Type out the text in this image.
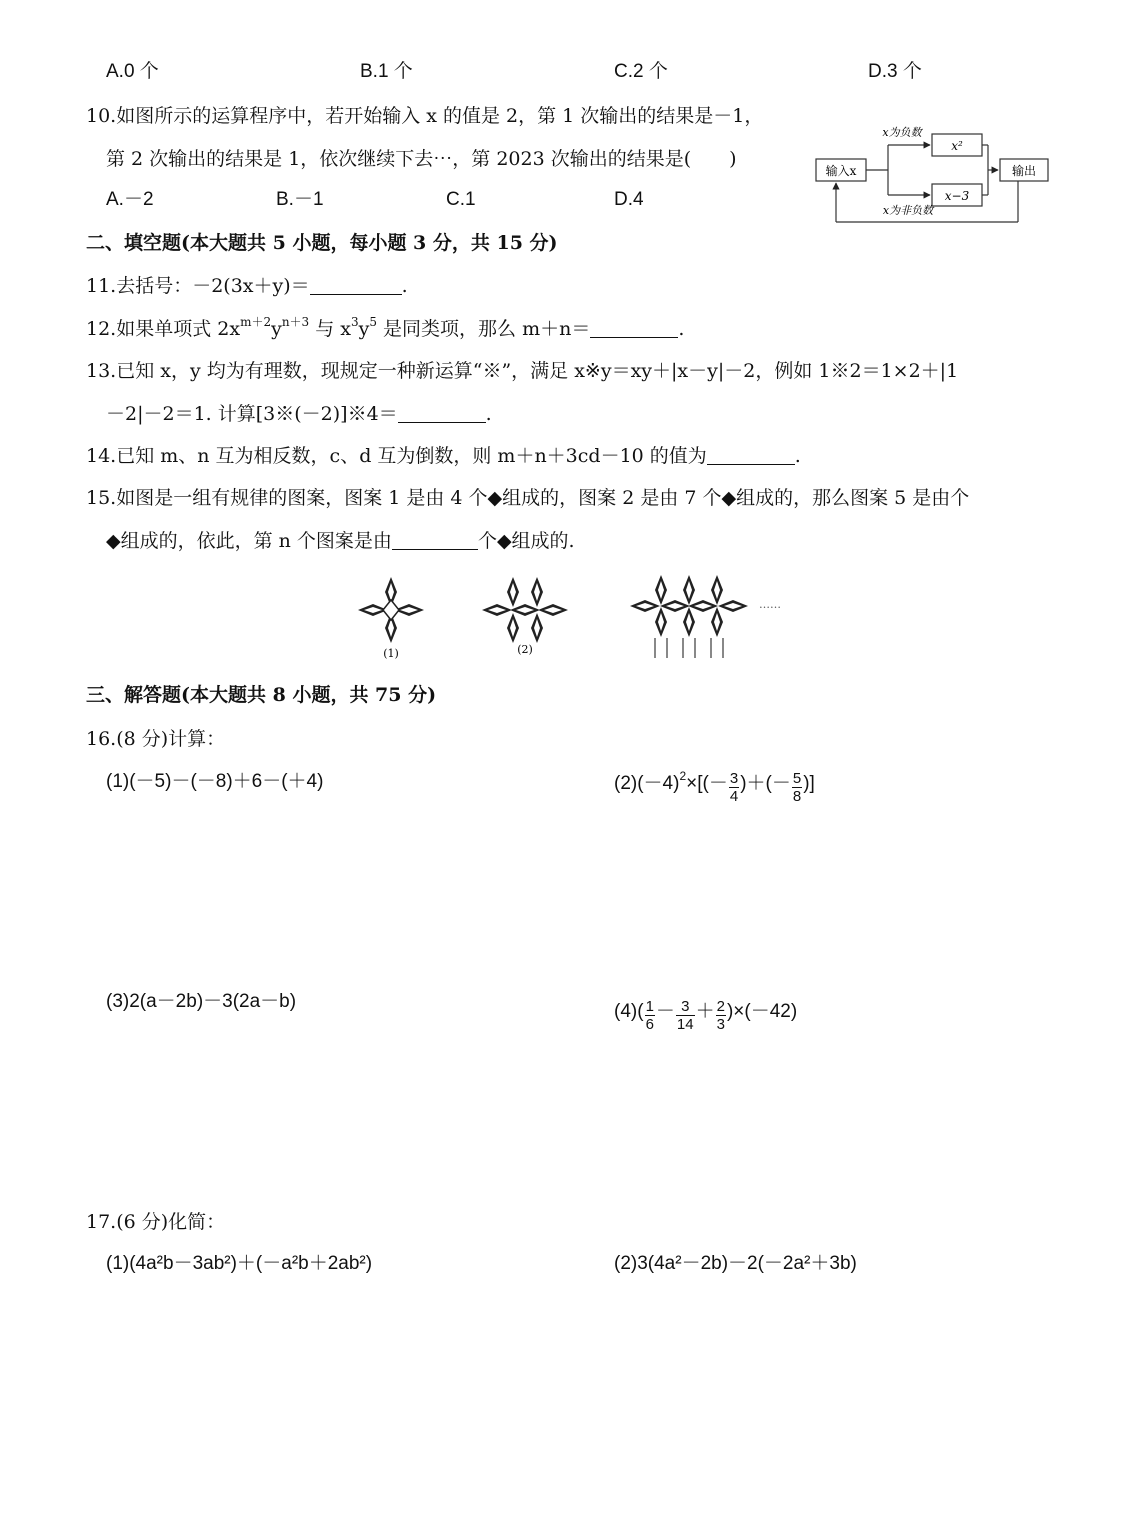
A.0 个	B.1 个	C.2 个	D.3 个
10.如图所示的运算程序中，若开始输入 x 的值是 2，第 1 次输出的结果是－1，
第 2 次输出的结果是 1，依次继续下去⋯，第 2023 次输出的结果是(　　)
A.－2	B.－1	C.1	D.4
输入x
x为负数
x²
x−3
输出
x为非负数
二、填空题(本大题共 5 小题，每小题 3 分，共 15 分)
11.去括号：－2(3x＋y)＝	.
12.如果单项式 $2x^{m+2}y^{n+3}$ 与 $x^3y^5$ 是同类项，那么 m＋n＝	.
13.已知 x，y 均为有理数，现规定一种新运算“※”，满足 x※y＝xy＋|x－y|－2，例如 1※2＝1×2＋|1
－2|－2＝1. 计算[3※(－2)]※4＝	.
14.已知 m、n 互为相反数，c、d 互为倒数，则 m＋n＋3cd－10 的值为	.
15.如图是一组有规律的图案，图案 1 是由 4 个◆组成的，图案 2 是由 7 个◆组成的，那么图案 5 是由个
◆组成的，依此，第 n 个图案是由	个◆组成的.
(1)	(2)
……
三、解答题(本大题共 8 小题，共 75 分)
16.(8 分)计算：
(1)(－5)－(－8)＋6－(＋4)	$(2)(-4)^2\times[(- \frac{3}{4}$ )＋(－ $\frac{5}{8}$ )]
(3)2(a－2b)－3(2a－b)	$(4)( \frac{1}{6} - \frac{3}{14} + \frac{2}{3} )\times(-42)$
17.(6 分)化简：
(1)(4a²b－3ab²)＋(－a²b＋2ab²)	(2)3(4a²－2b)－2(－2a²＋3b)
